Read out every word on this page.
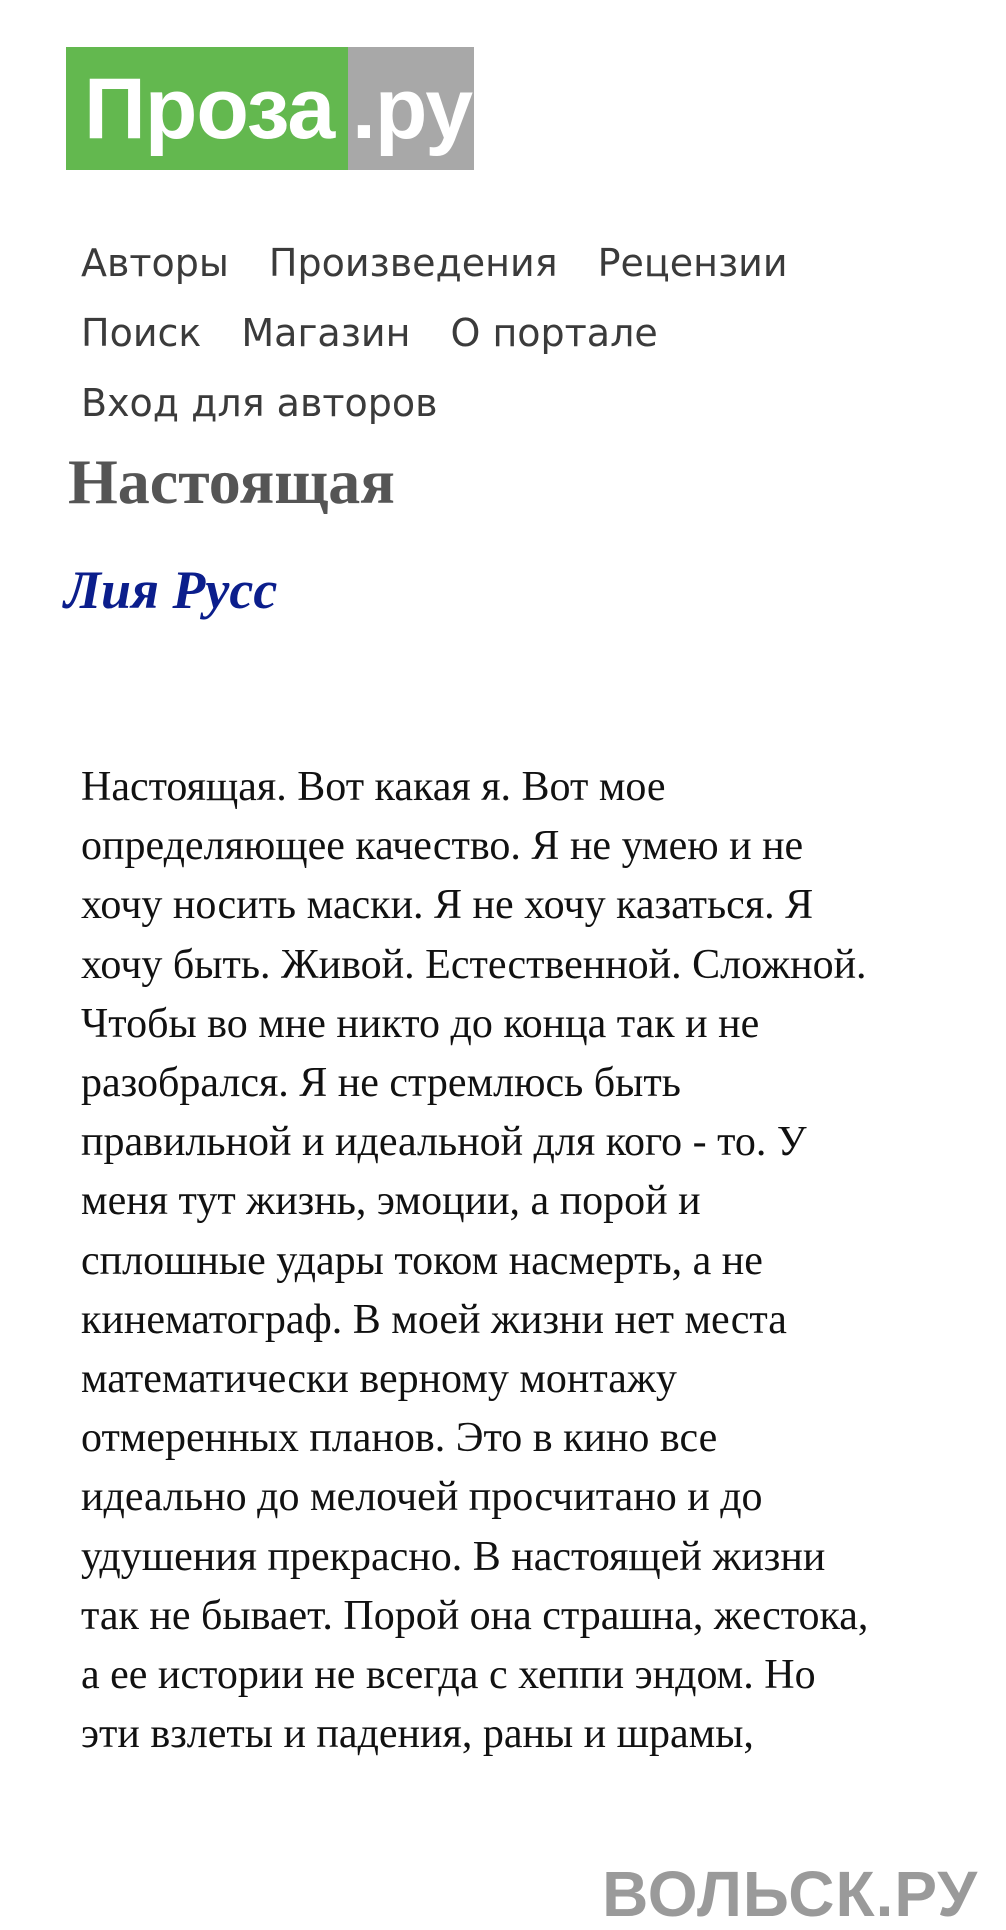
Проза .ру
Авторы Произведения Рецензии
Поиск Магазин О портале
Вход для авторов
Настоящая
Лия Русс

Настоящая. Вот какая я. Вот мое определяющее качество. Я не умею и не хочу носить маски. Я не хочу казаться. Я хочу быть. Живой. Естественной. Сложной.

Чтобы во мне никто до конца так и не разобрался. Я не стремлюсь быть правильной и идеальной для кого - то. У меня тут жизнь, эмоции, а порой и сплошные удары током насмерть, а не кинематограф. В моей жизни нет места математически верному монтажу отмеренных планов. Это в кино все идеально до мелочей просчитано и до удушения прекрасно. В настоящей жизни так не бывает. Порой она страшна, жестока, а ее истории не всегда с хеппи эндом. Но эти взлеты и падения, раны и шрамы,

ВОЛЬСК.РУ
